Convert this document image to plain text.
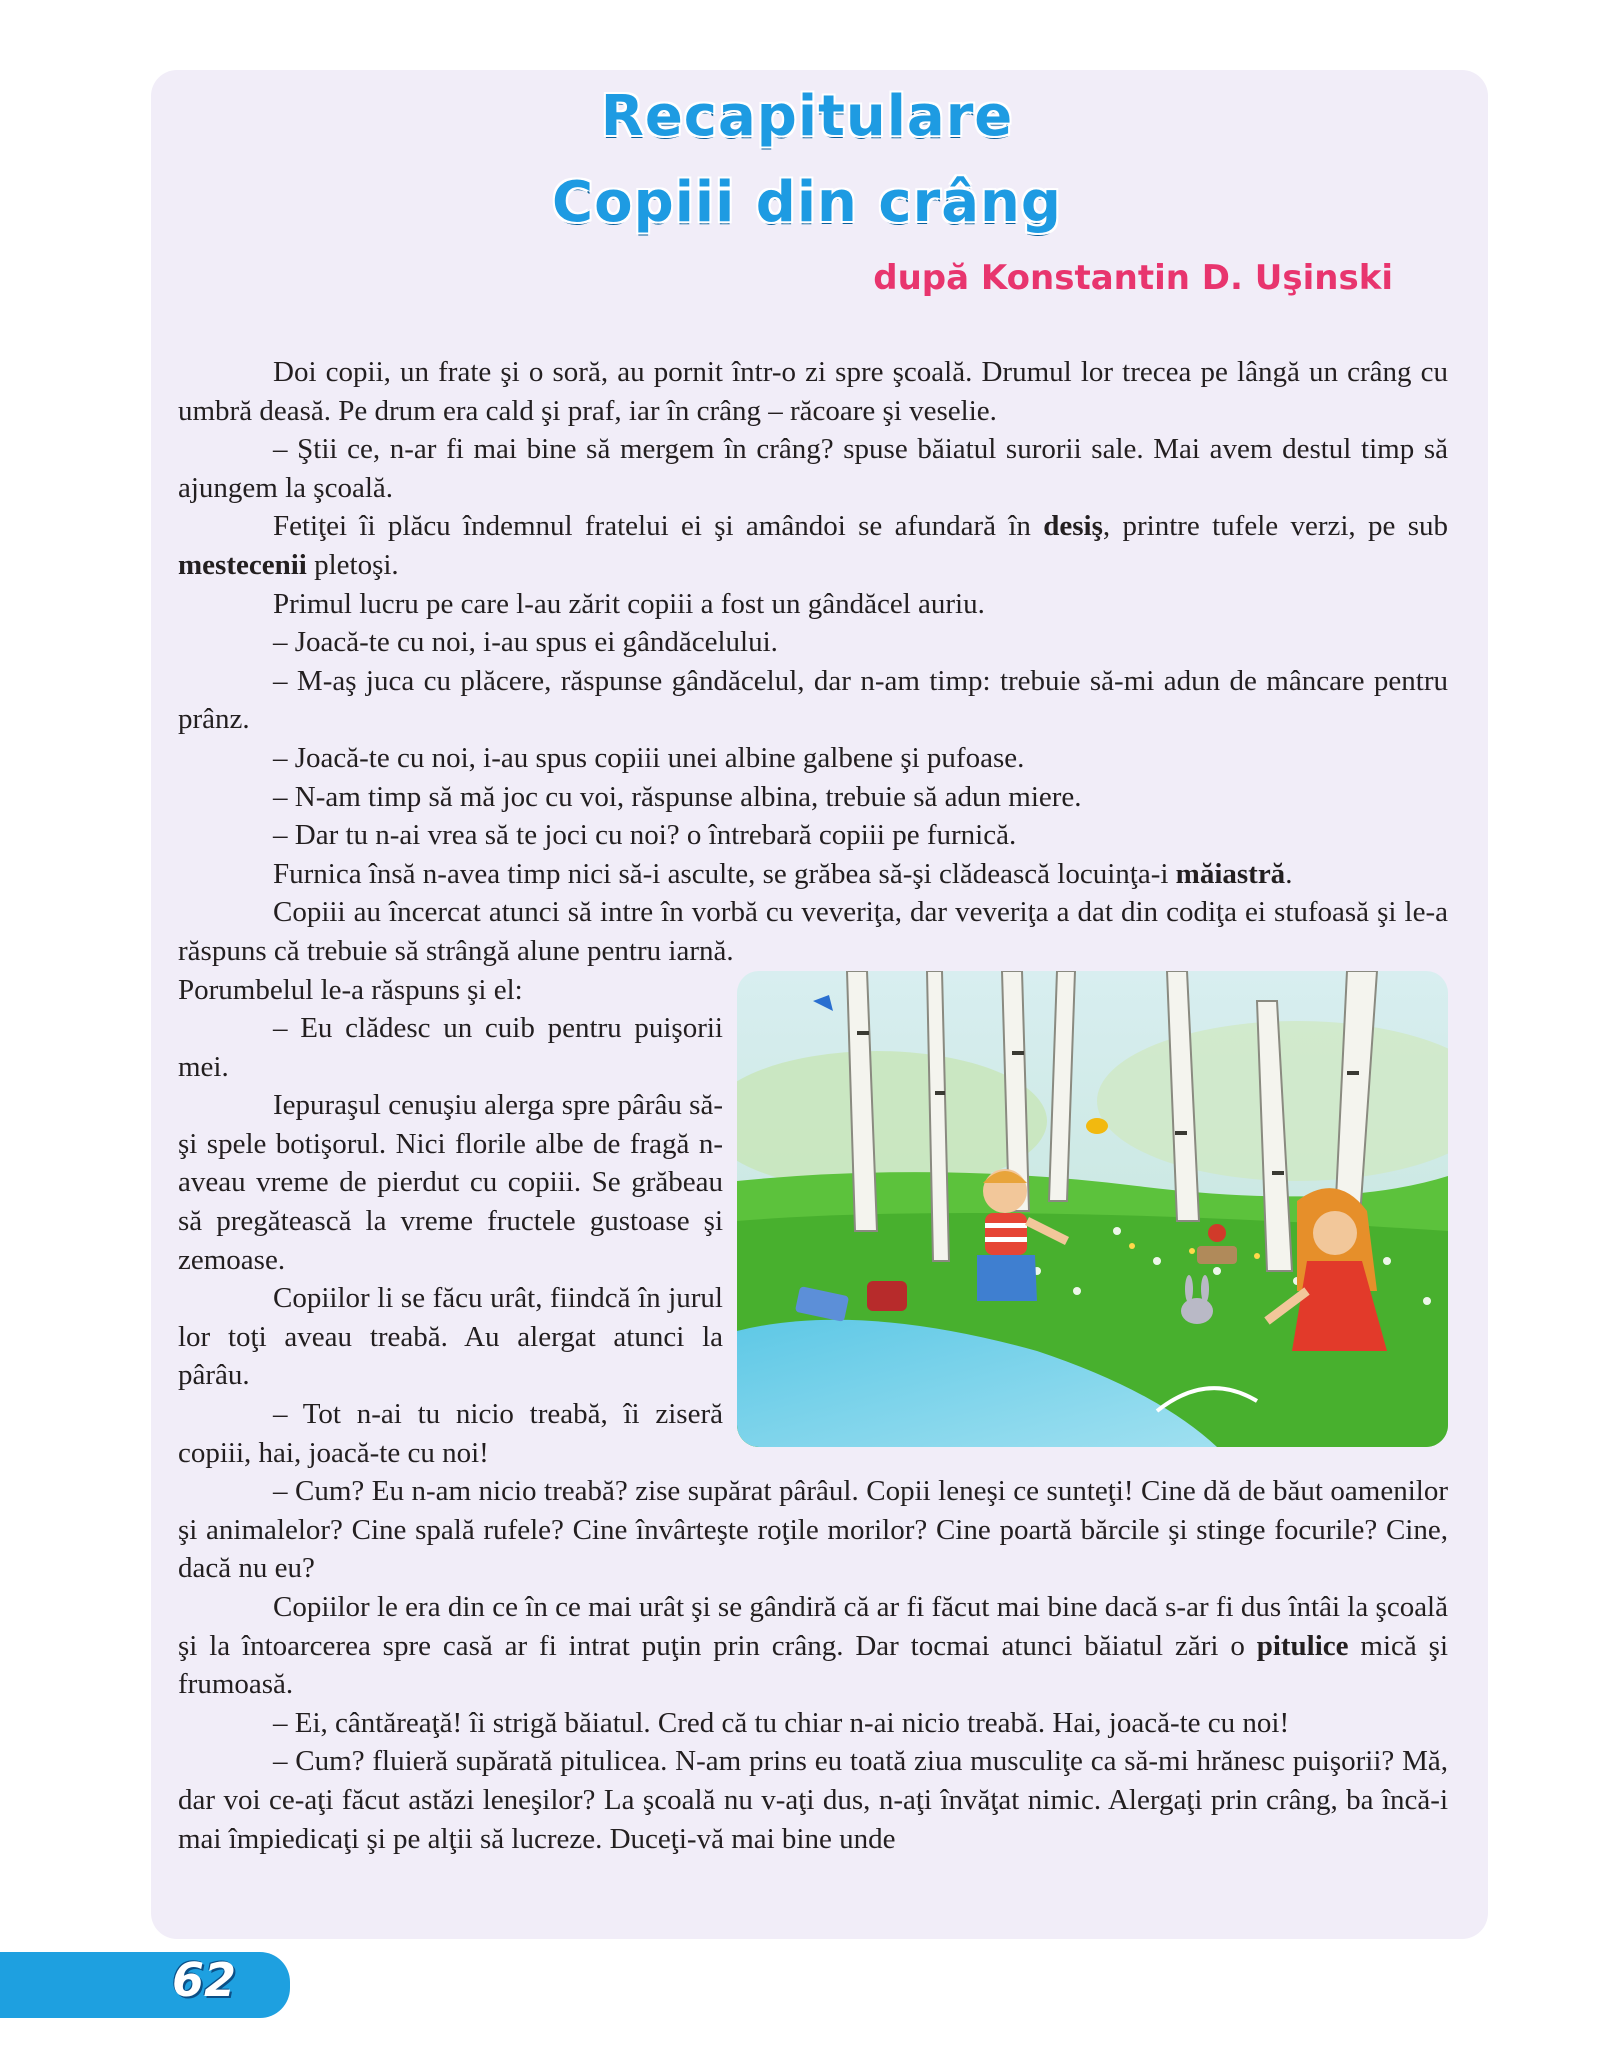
Recapitulare
Copiii din crâng

după Konstantin D. Uşinski

Doi copii, un frate şi o soră, au pornit într-o zi spre şcoală. Drumul lor trecea pe lângă un crâng cu umbră deasă. Pe drum era cald şi praf, iar în crâng – răcoare şi veselie.

– Ştii ce, n-ar fi mai bine să mergem în crâng? spuse băiatul surorii sale. Mai avem destul timp să ajungem la şcoală.

Fetiţei îi plăcu îndemnul fratelui ei şi amândoi se afundară în desiş, printre tufele verzi, pe sub mestecenii pletoşi.

Primul lucru pe care l-au zărit copiii a fost un gândăcel auriu.

– Joacă-te cu noi, i-au spus ei gândăcelului.

– M-aş juca cu plăcere, răspunse gândăcelul, dar n-am timp: trebuie să-mi adun de mâncare pentru prânz.

– Joacă-te cu noi, i-au spus copiii unei albine galbene şi pufoase.

– N-am timp să mă joc cu voi, răspunse albina, trebuie să adun miere.

– Dar tu n-ai vrea să te joci cu noi? o întrebară copiii pe furnică.

Furnica însă n-avea timp nici să-i asculte, se grăbea să-şi clădească locuinţa-i măiastră.

Copiii au încercat atunci să intre în vorbă cu veveriţa, dar veveriţa a dat din codiţa ei stufoasă şi le-a răspuns că trebuie să strângă alune pentru iarnă.

Porumbelul le-a răspuns şi el:

– Eu clădesc un cuib pentru puişorii mei.

Iepuraşul cenuşiu alerga spre pârâu să-şi spele botişorul. Nici florile albe de fragă n-aveau vreme de pierdut cu copiii. Se grăbeau să pregătească la vreme fructele gustoase şi zemoase.

Copiilor li se făcu urât, fiindcă în jurul lor toţi aveau treabă. Au alergat atunci la pârâu.

– Tot n-ai tu nicio treabă, îi ziseră copiii, hai, joacă-te cu noi!

– Cum? Eu n-am nicio treabă? zise supărat pârâul. Copii leneşi ce sunteţi! Cine dă de băut oamenilor şi animalelor? Cine spală rufele? Cine învârteşte roţile morilor? Cine poartă bărcile şi stinge focurile? Cine, dacă nu eu?

Copiilor le era din ce în ce mai urât şi se gândiră că ar fi făcut mai bine dacă s-ar fi dus întâi la şcoală şi la întoarcerea spre casă ar fi intrat puţin prin crâng. Dar tocmai atunci băiatul zări o pitulice mică şi frumoasă.

– Ei, cântăreaţă! îi strigă băiatul. Cred că tu chiar n-ai nicio treabă. Hai, joacă-te cu noi!

– Cum? fluieră supărată pitulicea. N-am prins eu toată ziua musculiţe ca să-mi hrănesc puişorii? Mă, dar voi ce-aţi făcut astăzi leneşilor? La şcoală nu v-aţi dus, n-aţi învăţat nimic. Alergaţi prin crâng, ba încă-i mai împiedicaţi şi pe alţii să lucreze. Duceţi-vă mai bine unde

62
